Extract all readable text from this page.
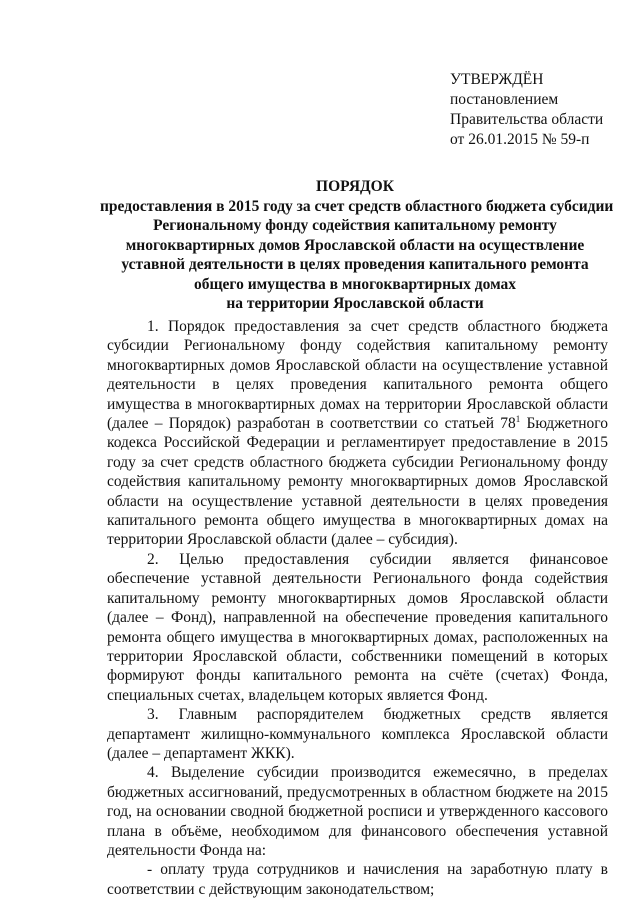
УТВЕРЖДЁН
постановлением
Правительства области
от 26.01.2015 № 59-п
ПОРЯДОК
предоставления в 2015 году за счет средств областного бюджета субсидии
Региональному фонду содействия капитальному ремонту
многоквартирных домов Ярославской области на осуществление
уставной деятельности в целях проведения капитального ремонта
общего имущества в многоквартирных домах
на территории Ярославской области

1. Порядок предоставления за счет средств областного бюджета субсидии Региональному фонду содействия капитальному ремонту многоквартирных домов Ярославской области на осуществление уставной деятельности в целях проведения капитального ремонта общего имущества в многоквартирных домах на территории Ярославской области (далее – Порядок) разработан в соответствии со статьей $78^1$ Бюджетного кодекса Российской Федерации и регламентирует предоставление в 2015 году за счет средств областного бюджета субсидии Региональному фонду содействия капитальному ремонту многоквартирных домов Ярославской области на осуществление уставной деятельности в целях проведения капитального ремонта общего имущества в многоквартирных домах на территории Ярославской области (далее – субсидия).

2. Целью предоставления субсидии является финансовое обеспечение уставной деятельности Регионального фонда содействия капитальному ремонту многоквартирных домов Ярославской области (далее – Фонд), направленной на обеспечение проведения капитального ремонта общего имущества в многоквартирных домах, расположенных на территории Ярославской области, собственники помещений в которых формируют фонды капитального ремонта на счёте (счетах) Фонда, специальных счетах, владельцем которых является Фонд.

3. Главным распорядителем бюджетных средств является департамент жилищно-коммунального комплекса Ярославской области (далее – департамент ЖКК).

4. Выделение субсидии производится ежемесячно, в пределах бюджетных ассигнований, предусмотренных в областном бюджете на 2015 год, на основании сводной бюджетной росписи и утвержденного кассового плана в объёме, необходимом для финансового обеспечения уставной деятельности Фонда на:

- оплату труда сотрудников и начисления на заработную плату в соответствии с действующим законодательством;
